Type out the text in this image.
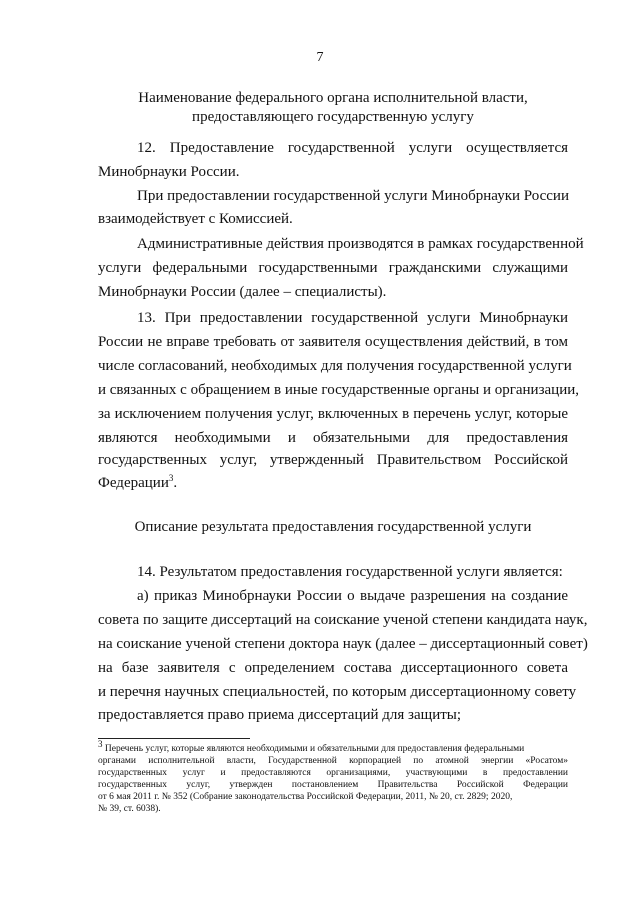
7
Наименование федерального органа исполнительной власти,
предоставляющего государственную услугу
12. Предоставление государственной услуги осуществляется
Минобрнауки России.
При предоставлении государственной услуги Минобрнауки России
взаимодействует с Комиссией.
Административные действия производятся в рамках государственной
услуги федеральными государственными гражданскими служащими
Минобрнауки России (далее – специалисты).
13. При предоставлении государственной услуги Минобрнауки
России не вправе требовать от заявителя осуществления действий, в том
числе согласований, необходимых для получения государственной услуги
и связанных с обращением в иные государственные органы и организации,
за исключением получения услуг, включенных в перечень услуг, которые
являются необходимыми и обязательными для предоставления
государственных услуг, утвержденный Правительством Российской
Федерации$^3$.
Описание результата предоставления государственной услуги
14. Результатом предоставления государственной услуги является:
а) приказ Минобрнауки России о выдаче разрешения на создание
совета по защите диссертаций на соискание ученой степени кандидата наук,
на соискание ученой степени доктора наук (далее – диссертационный совет)
на базе заявителя с определением состава диссертационного совета
и перечня научных специальностей, по которым диссертационному совету
предоставляется право приема диссертаций для защиты;
$^3$ Перечень услуг, которые являются необходимыми и обязательными для предоставления федеральными
органами исполнительной власти, Государственной корпорацией по атомной энергии «Росатом»
государственных услуг и предоставляются организациями, участвующими в предоставлении
государственных услуг, утвержден постановлением Правительства Российской Федерации
от 6 мая 2011 г. № 352 (Собрание законодательства Российской Федерации, 2011, № 20, ст. 2829; 2020,
№ 39, ст. 6038).
